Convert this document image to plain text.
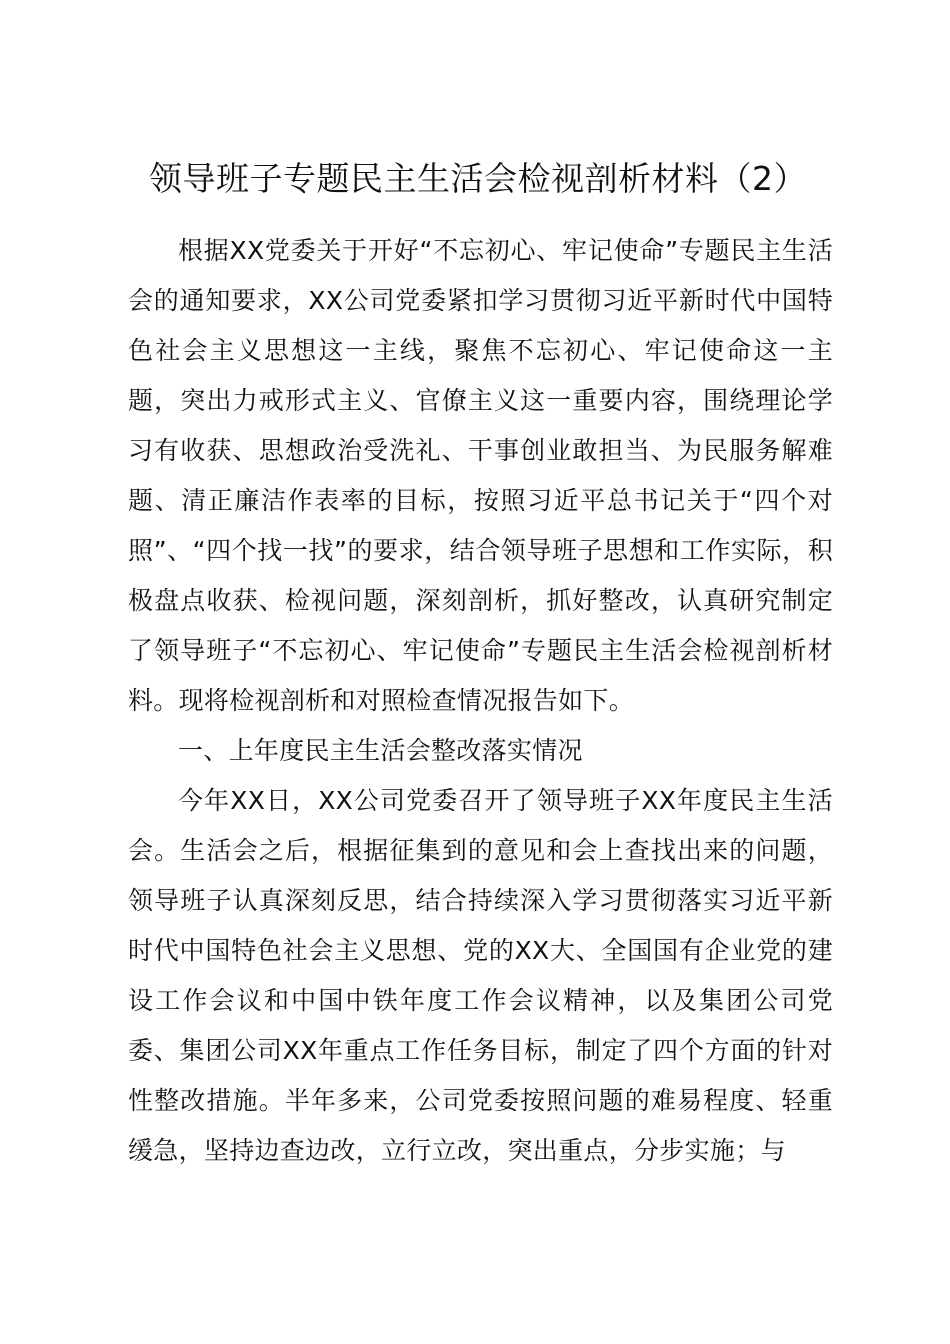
领导班子专题民主生活会检视剖析材料（2）

根据XX党委关于开好“不忘初心、牢记使命”专题民主生活会的通知要求，XX公司党委紧扣学习贯彻习近平新时代中国特色社会主义思想这一主线，聚焦不忘初心、牢记使命这一主题，突出力戒形式主义、官僚主义这一重要内容，围绕理论学习有收获、思想政治受洗礼、干事创业敢担当、为民服务解难题、清正廉洁作表率的目标，按照习近平总书记关于“四个对照”、“四个找一找”的要求，结合领导班子思想和工作实际，积极盘点收获、检视问题，深刻剖析，抓好整改，认真研究制定了领导班子“不忘初心、牢记使命”专题民主生活会检视剖析材料。现将检视剖析和对照检查情况报告如下。

一、上年度民主生活会整改落实情况

今年XX日，XX公司党委召开了领导班子XX年度民主生活会。生活会之后，根据征集到的意见和会上查找出来的问题，领导班子认真深刻反思，结合持续深入学习贯彻落实习近平新时代中国特色社会主义思想、党的XX大、全国国有企业党的建设工作会议和中国中铁年度工作会议精神，以及集团公司党委、集团公司XX年重点工作任务目标，制定了四个方面的针对性整改措施。半年多来，公司党委按照问题的难易程度、轻重缓急，坚持边查边改，立行立改，突出重点，分步实施；与
